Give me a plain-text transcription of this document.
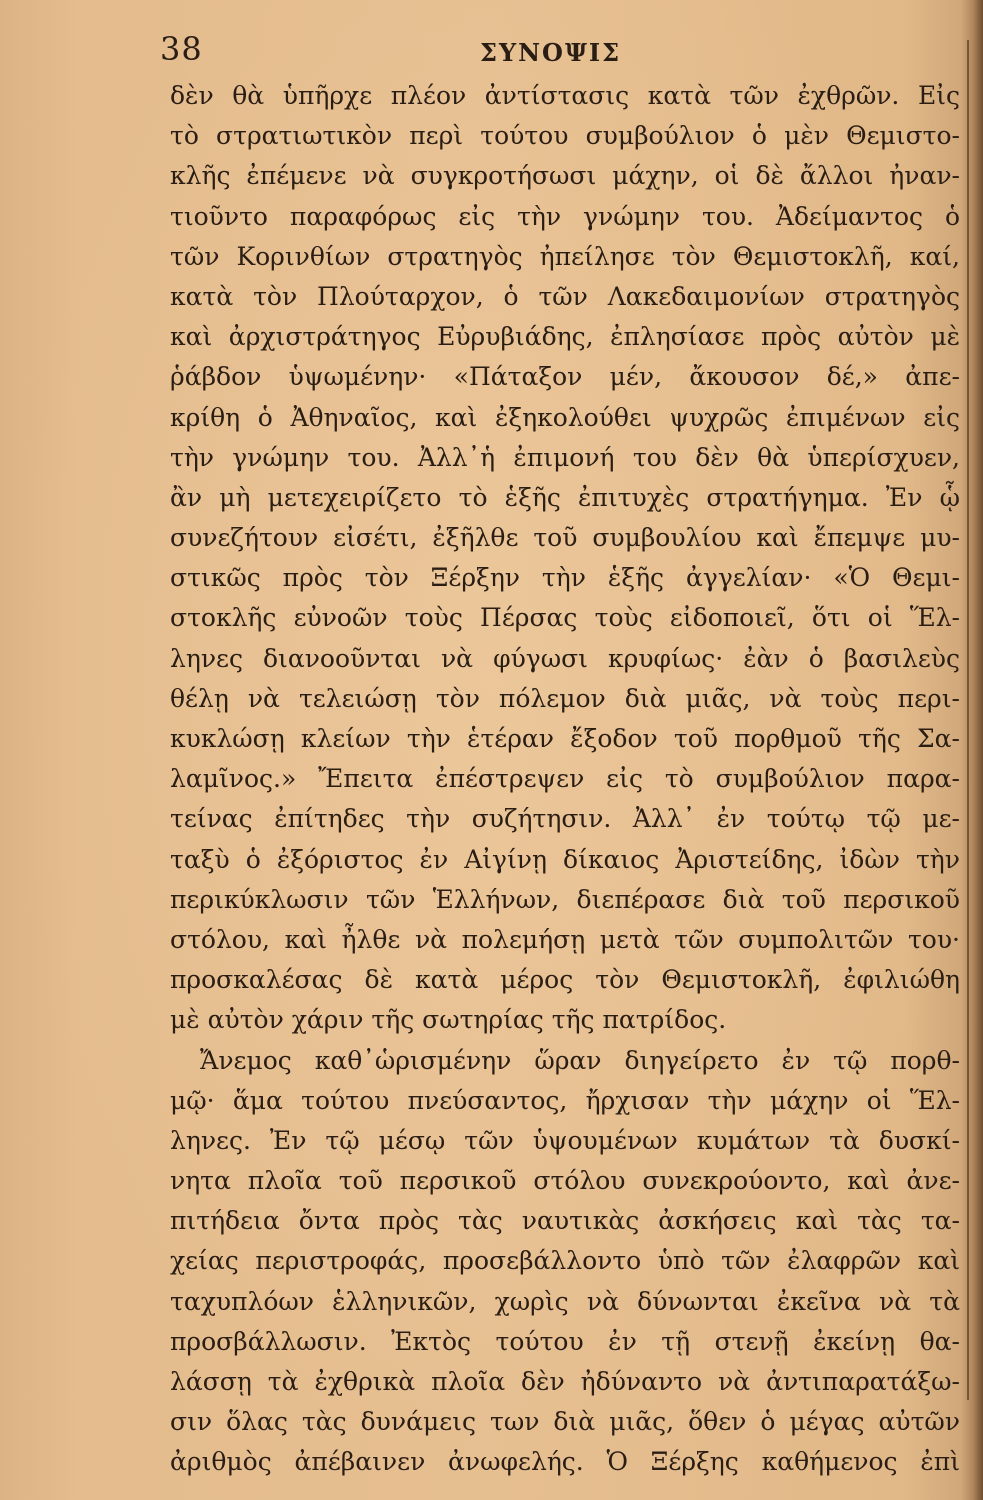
38	ΣΥΝΟΨΙΣ
δὲν θὰ ὑπῆρχε πλέον ἀντίστασις κατὰ τῶν ἐχθρῶν. Εἰς
τὸ στρατιωτικὸν περὶ τούτου συμβούλιον ὁ μὲν Θεμιστο-
κλῆς ἐπέμενε νὰ συγκροτήσωσι μάχην, οἱ δὲ ἄλλοι ἠναν-
τιοῦντο παραφόρως εἰς τὴν γνώμην του. Ἀδείμαντος ὁ
τῶν Κορινθίων στρατηγὸς ἠπείλησε τὸν Θεμιστοκλῆ, καί,
κατὰ τὸν Πλούταρχον, ὁ τῶν Λακεδαιμονίων στρατηγὸς
καὶ ἀρχιστράτηγος Εὐρυβιάδης, ἐπλησίασε πρὸς αὐτὸν μὲ
ῥάβδον ὑψωμένην· «Πάταξον μέν, ἄκουσον δέ,» ἀπε-
κρίθη ὁ Ἀθηναῖος, καὶ ἐξηκολούθει ψυχρῶς ἐπιμένων εἰς
τὴν γνώμην του. Ἀλλ᾽ἡ ἐπιμονή του δὲν θὰ ὑπερίσχυεν,
ἂν μὴ μετεχειρίζετο τὸ ἑξῆς ἐπιτυχὲς στρατήγημα. Ἐν ᾧ
συνεζήτουν εἰσέτι, ἐξῆλθε τοῦ συμβουλίου καὶ ἔπεμψε μυ-
στικῶς πρὸς τὸν Ξέρξην τὴν ἑξῆς ἀγγελίαν· «Ὁ Θεμι-
στοκλῆς εὐνοῶν τοὺς Πέρσας τοὺς εἰδοποιεῖ, ὅτι οἱ Ἕλ-
ληνες διανοοῦνται νὰ φύγωσι κρυφίως· ἐὰν ὁ βασιλεὺς
θέλῃ νὰ τελειώσῃ τὸν πόλεμον διὰ μιᾶς, νὰ τοὺς περι-
κυκλώσῃ κλείων τὴν ἑτέραν ἔξοδον τοῦ πορθμοῦ τῆς Σα-
λαμῖνος.» Ἔπειτα ἐπέστρεψεν εἰς τὸ συμβούλιον παρα-
τείνας ἐπίτηδες τὴν συζήτησιν. Ἀλλ᾽ ἐν τούτῳ τῷ με-
ταξὺ ὁ ἐξόριστος ἐν Αἰγίνῃ δίκαιος Ἀριστείδης, ἰδὼν τὴν
περικύκλωσιν τῶν Ἑλλήνων, διεπέρασε διὰ τοῦ περσικοῦ
στόλου, καὶ ἦλθε νὰ πολεμήσῃ μετὰ τῶν συμπολιτῶν του·
προσκαλέσας δὲ κατὰ μέρος τὸν Θεμιστοκλῆ, ἐφιλιώθη
μὲ αὐτὸν χάριν τῆς σωτηρίας τῆς πατρίδος.
Ἄνεμος καθ᾽ὡρισμένην ὥραν διηγείρετο ἐν τῷ πορθ-
μῷ· ἅμα τούτου πνεύσαντος, ἤρχισαν τὴν μάχην οἱ Ἕλ-
ληνες. Ἐν τῷ μέσῳ τῶν ὑψουμένων κυμάτων τὰ δυσκί-
νητα πλοῖα τοῦ περσικοῦ στόλου συνεκρούοντο, καὶ ἀνε-
πιτήδεια ὄντα πρὸς τὰς ναυτικὰς ἀσκήσεις καὶ τὰς τα-
χείας περιστροφάς, προσεβάλλοντο ὑπὸ τῶν ἐλαφρῶν καὶ
ταχυπλόων ἑλληνικῶν, χωρὶς νὰ δύνωνται ἐκεῖνα νὰ τὰ
προσβάλλωσιν. Ἐκτὸς τούτου ἐν τῇ στενῇ ἐκείνῃ θα-
λάσσῃ τὰ ἐχθρικὰ πλοῖα δὲν ἠδύναντο νὰ ἀντιπαρατάξω-
σιν ὅλας τὰς δυνάμεις των διὰ μιᾶς, ὅθεν ὁ μέγας αὐτῶν
ἀριθμὸς ἀπέβαινεν ἀνωφελής. Ὁ Ξέρξης καθήμενος ἐπὶ
